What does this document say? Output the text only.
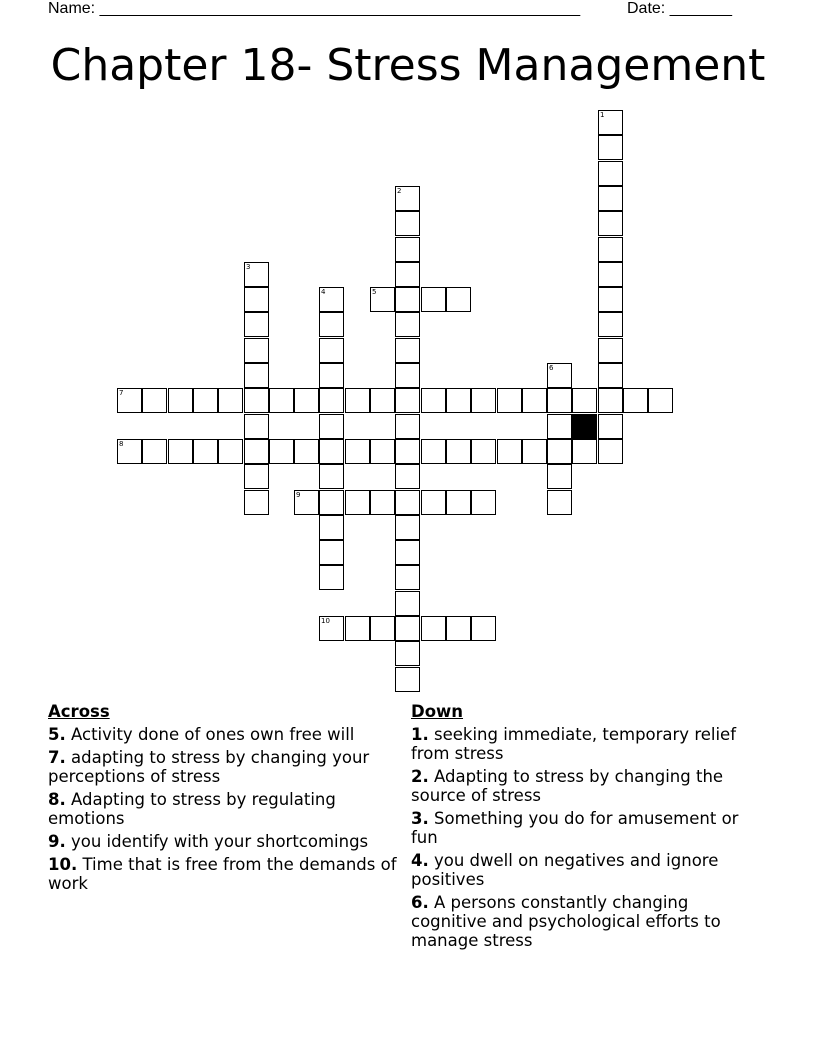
Name: ______________________________________________________	Date: _______
Chapter 18- Stress Management
1
2
3
4	5
6
7
8
9
10
Across
5. Activity done of ones own free will
7. adapting to stress by changing your perceptions of stress
8. Adapting to stress by regulating emotions
9. you identify with your shortcomings
10. Time that is free from the demands of work
Down
1. seeking immediate, temporary relief from stress
2. Adapting to stress by changing the source of stress
3. Something you do for amusement or fun
4. you dwell on negatives and ignore positives
6. A persons constantly changing cognitive and psychological efforts to manage stress
